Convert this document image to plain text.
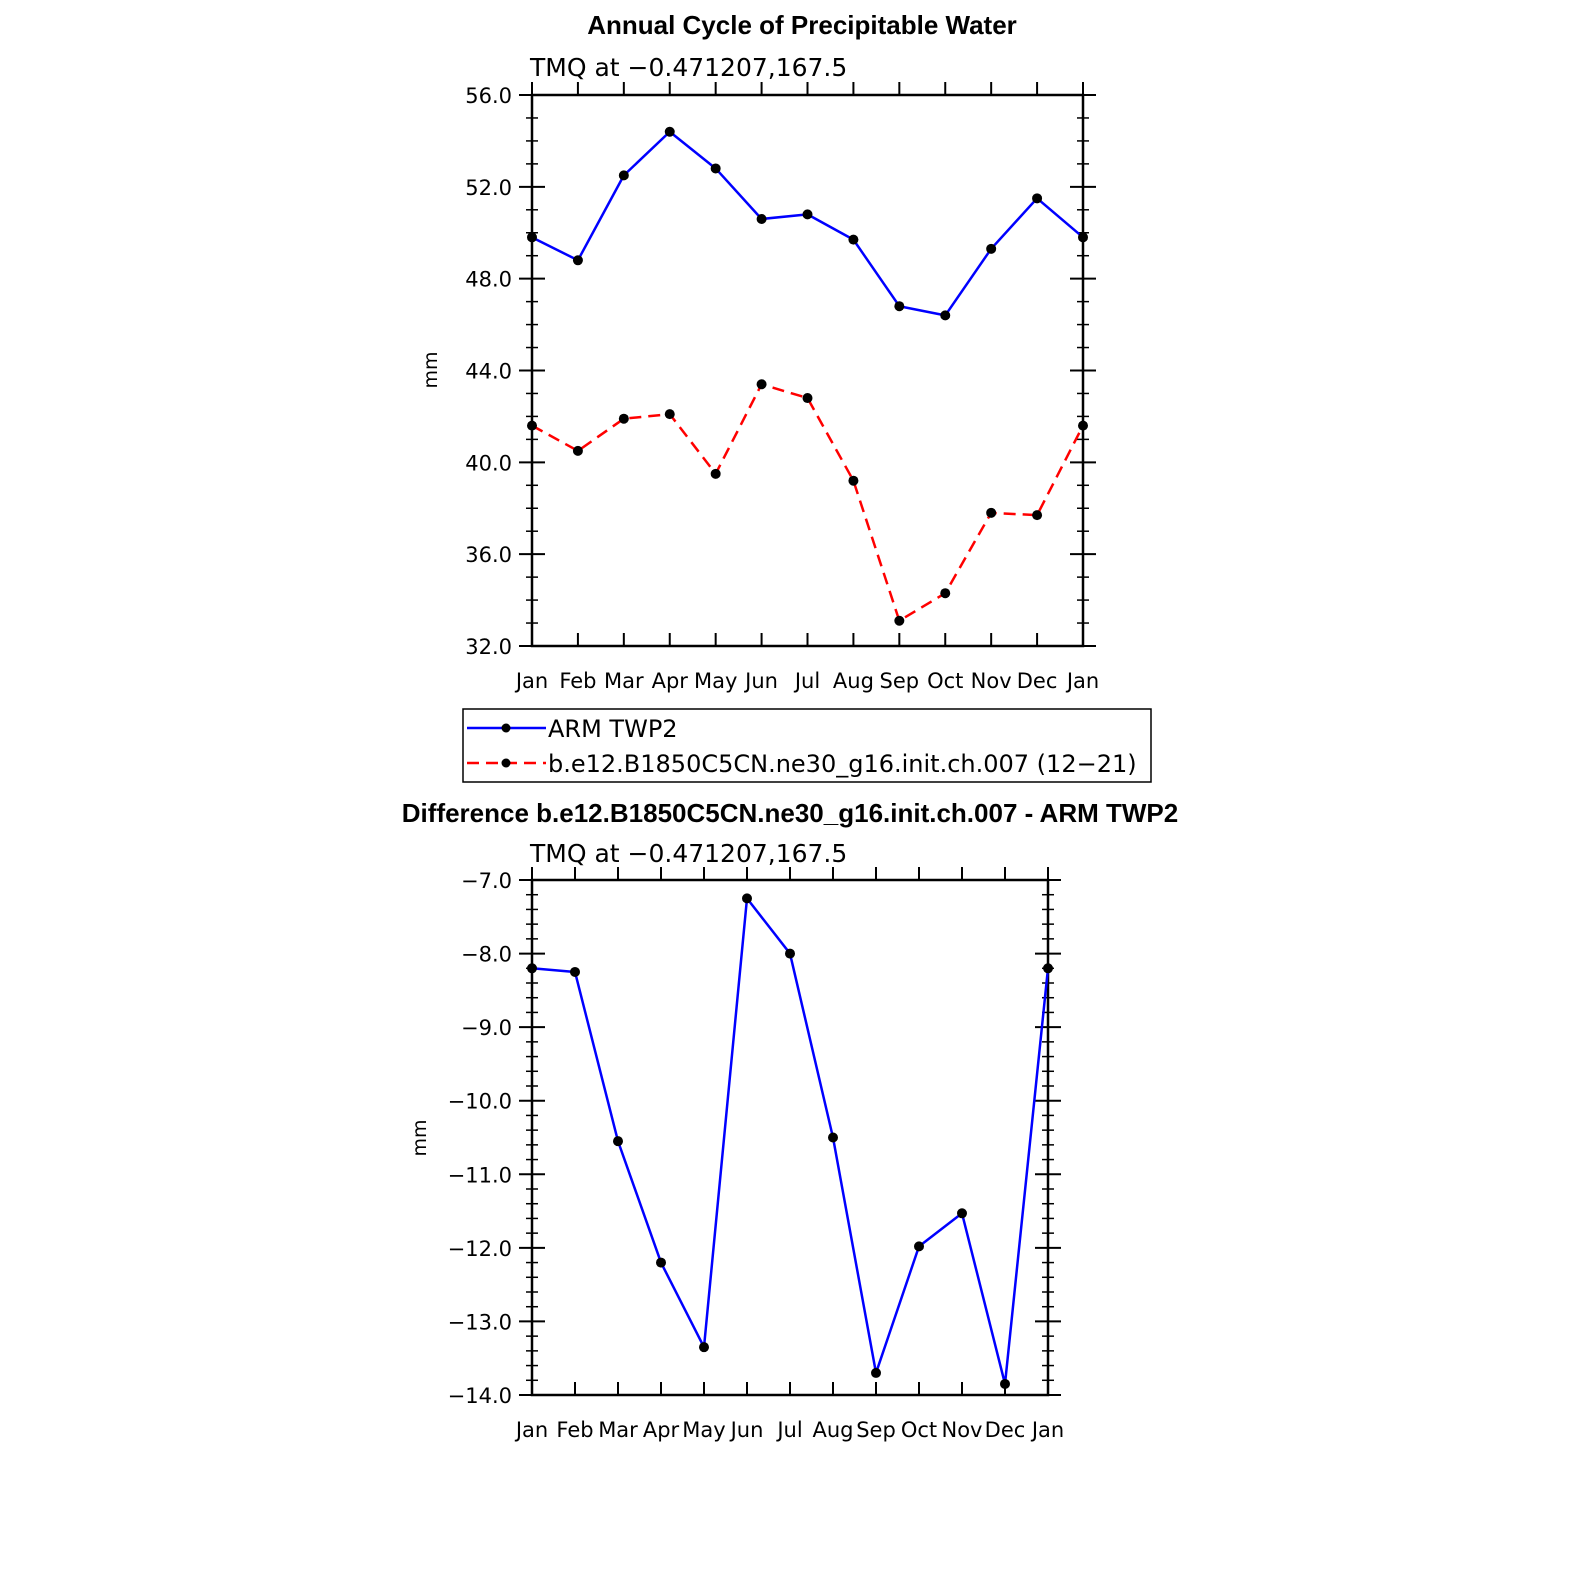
Annual Cycle of Precipitable Water
TMQ at −0.471207,167.5
mm
Jan Feb Mar Apr May Jun Jul Aug Sep Oct Nov Dec Jan
32.0
36.0
40.0
44.0
48.0
52.0
56.0
ARM TWP2
b.e12.B1850C5CN.ne30_g16.init.ch.007 (12−21)
Difference b.e12.B1850C5CN.ne30_g16.init.ch.007 - ARM TWP2
TMQ at −0.471207,167.5
mm
Jan Feb Mar Apr May Jun Jul Aug Sep Oct Nov Dec Jan
−14.0
−13.0
−12.0
−11.0
−10.0
−9.0
−8.0
−7.0
